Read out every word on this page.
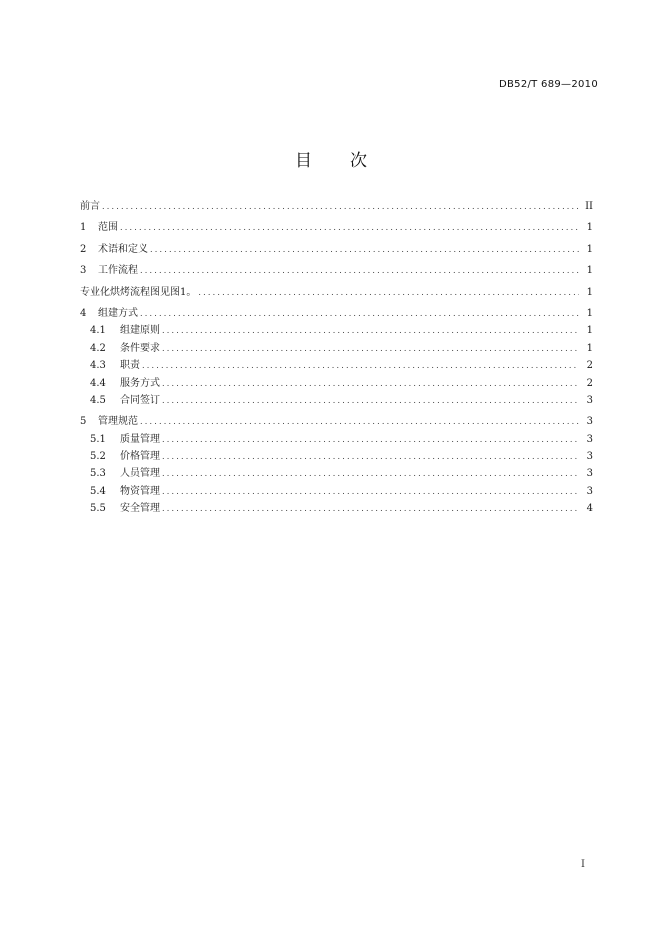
DB52/T 689—2010
目 次
前言 .....	II
1	范围 .....	1
2	术语和定义 .....	1
3	工作流程 .....	1
专业化烘烤流程图见图1。 .....	1
4	组建方式 .....	1
4.1	组建原则 .....	1
4.2	条件要求 .....	1
4.3	职责 .....	2
4.4	服务方式 .....	2
4.5	合同签订 .....	3
5	管理规范 .....	3
5.1	质量管理 .....	3
5.2	价格管理 .....	3
5.3	人员管理 .....	3
5.4	物资管理 .....	3
5.5	安全管理 .....	4
I
